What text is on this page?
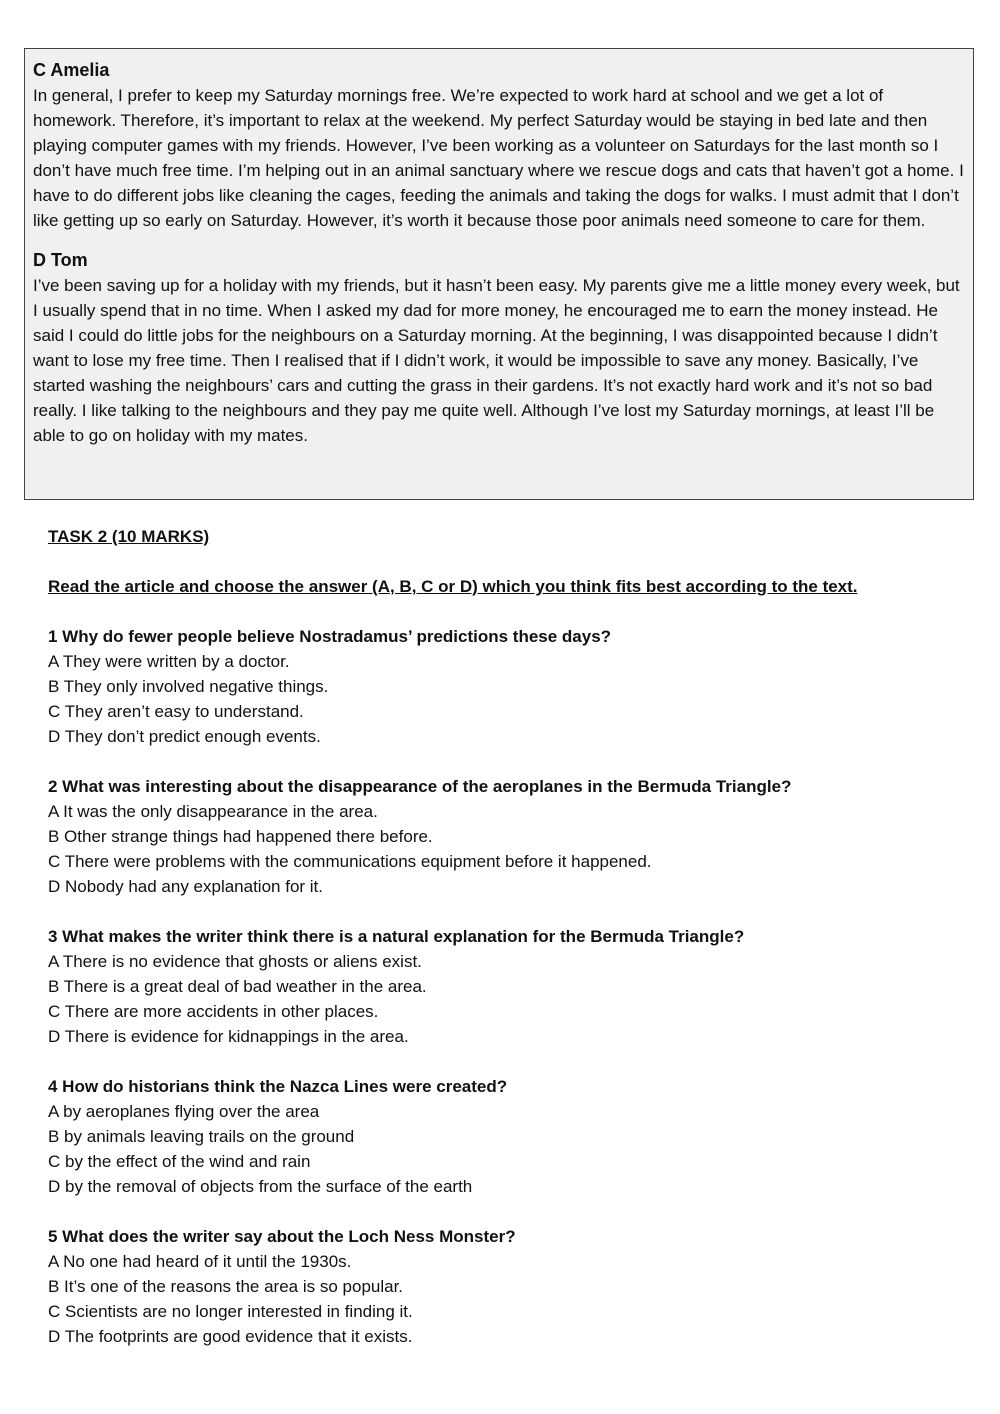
C Amelia

In general, I prefer to keep my Saturday mornings free. We’re expected to work hard at school and we get a lot of homework. Therefore, it’s important to relax at the weekend. My perfect Saturday would be staying in bed late and then playing computer games with my friends. However, I’ve been working as a volunteer on Saturdays for the last month so I don’t have much free time. I’m helping out in an animal sanctuary where we rescue dogs and cats that haven’t got a home. I have to do different jobs like cleaning the cages, feeding the animals and taking the dogs for walks. I must admit that I don’t like getting up so early on Saturday. However, it’s worth it because those poor animals need someone to care for them.

D Tom

I’ve been saving up for a holiday with my friends, but it hasn’t been easy. My parents give me a little money every week, but I usually spend that in no time. When I asked my dad for more money, he encouraged me to earn the money instead. He said I could do little jobs for the neighbours on a Saturday morning. At the beginning, I was disappointed because I didn’t want to lose my free time. Then I realised that if I didn’t work, it would be impossible to save any money. Basically, I’ve started washing the neighbours’ cars and cutting the grass in their gardens. It’s not exactly hard work and it’s not so bad really. I like talking to the neighbours and they pay me quite well. Although I’ve lost my Saturday mornings, at least I’ll be able to go on holiday with my mates.

TASK 2 (10 MARKS)

Read the article and choose the answer (A, B, C or D) which you think fits best according to the text.

1 Why do fewer people believe Nostradamus’ predictions these days?

A They were written by a doctor.

B They only involved negative things.

C They aren’t easy to understand.

D They don’t predict enough events.

2 What was interesting about the disappearance of the aeroplanes in the Bermuda Triangle?

A It was the only disappearance in the area.

B Other strange things had happened there before.

C There were problems with the communications equipment before it happened.

D Nobody had any explanation for it.

3 What makes the writer think there is a natural explanation for the Bermuda Triangle?

A There is no evidence that ghosts or aliens exist.

B There is a great deal of bad weather in the area.

C There are more accidents in other places.

D There is evidence for kidnappings in the area.

4 How do historians think the Nazca Lines were created?

A by aeroplanes flying over the area

B by animals leaving trails on the ground

C by the effect of the wind and rain

D by the removal of objects from the surface of the earth

5 What does the writer say about the Loch Ness Monster?

A No one had heard of it until the 1930s.

B It’s one of the reasons the area is so popular.

C Scientists are no longer interested in finding it.

D The footprints are good evidence that it exists.
